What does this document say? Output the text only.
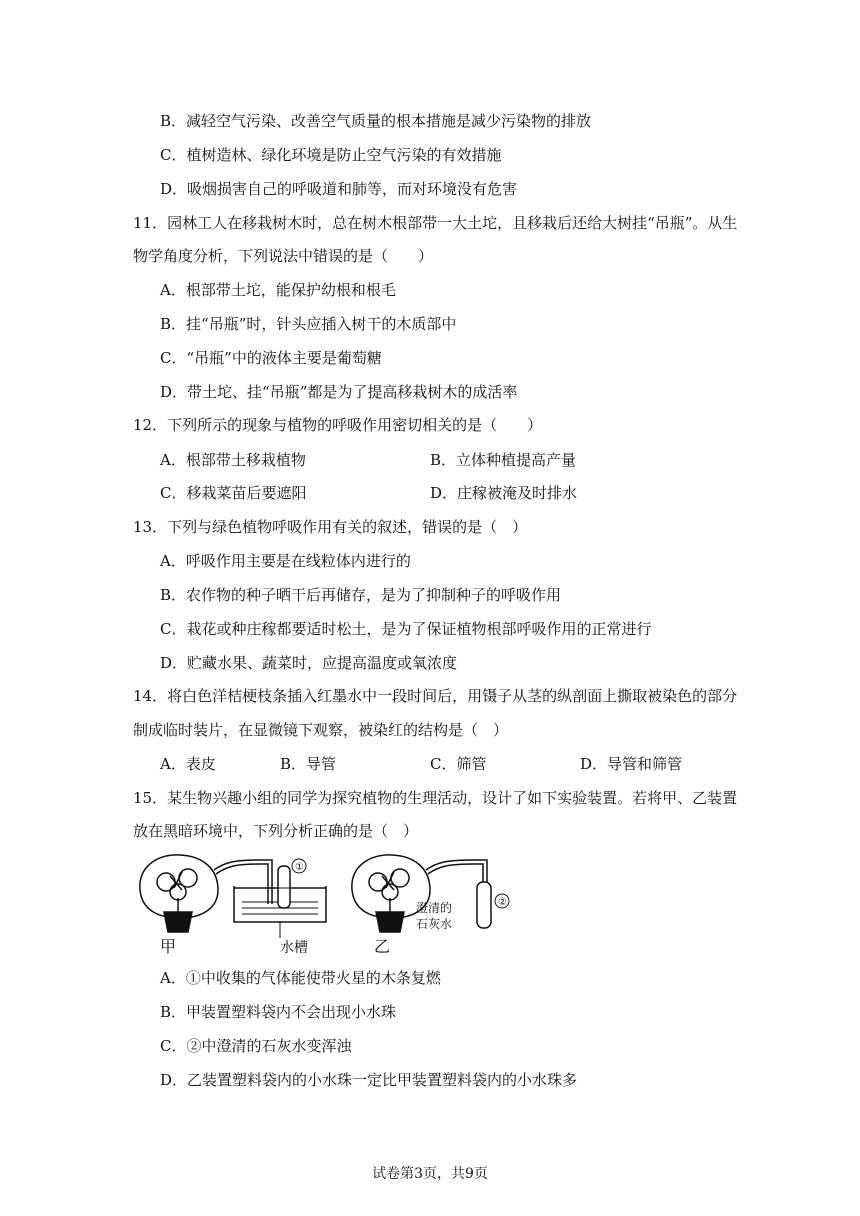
B．减轻空气污染、改善空气质量的根本措施是减少污染物的排放
C．植树造林、绿化环境是防止空气污染的有效措施
D．吸烟损害自己的呼吸道和肺等，而对环境没有危害
11．园林工人在移栽树木时，总在树木根部带一大土坨，且移栽后还给大树挂“吊瓶”。从生
物学角度分析，下列说法中错误的是（　　）
A．根部带土坨，能保护幼根和根毛
B．挂“吊瓶”时，针头应插入树干的木质部中
C．“吊瓶”中的液体主要是葡萄糖
D．带土坨、挂“吊瓶”都是为了提高移栽树木的成活率
12．下列所示的现象与植物的呼吸作用密切相关的是（　　）
A．根部带土移栽植物	B．立体种植提高产量
C．移栽菜苗后要遮阳	D．庄稼被淹及时排水
13．下列与绿色植物呼吸作用有关的叙述，错误的是（　）
A．呼吸作用主要是在线粒体内进行的
B．农作物的种子晒干后再储存，是为了抑制种子的呼吸作用
C．栽花或种庄稼都要适时松土，是为了保证植物根部呼吸作用的正常进行
D．贮藏水果、蔬菜时，应提高温度或氧浓度
14．将白色洋桔梗枝条插入红墨水中一段时间后，用镊子从茎的纵剖面上撕取被染色的部分
制成临时装片，在显微镜下观察，被染红的结构是（　）
A．表皮	B．导管	C．筛管	D．导管和筛管
15．某生物兴趣小组的同学为探究植物的生理活动，设计了如下实验装置。若将甲、乙装置
放在黑暗环境中，下列分析正确的是（　）
①
甲	水槽
②
澄清的
石灰水
乙
A．①中收集的气体能使带火星的木条复燃
B．甲装置塑料袋内不会出现小水珠
C．②中澄清的石灰水变浑浊
D．乙装置塑料袋内的小水珠一定比甲装置塑料袋内的小水珠多
试卷第3页，共9页
